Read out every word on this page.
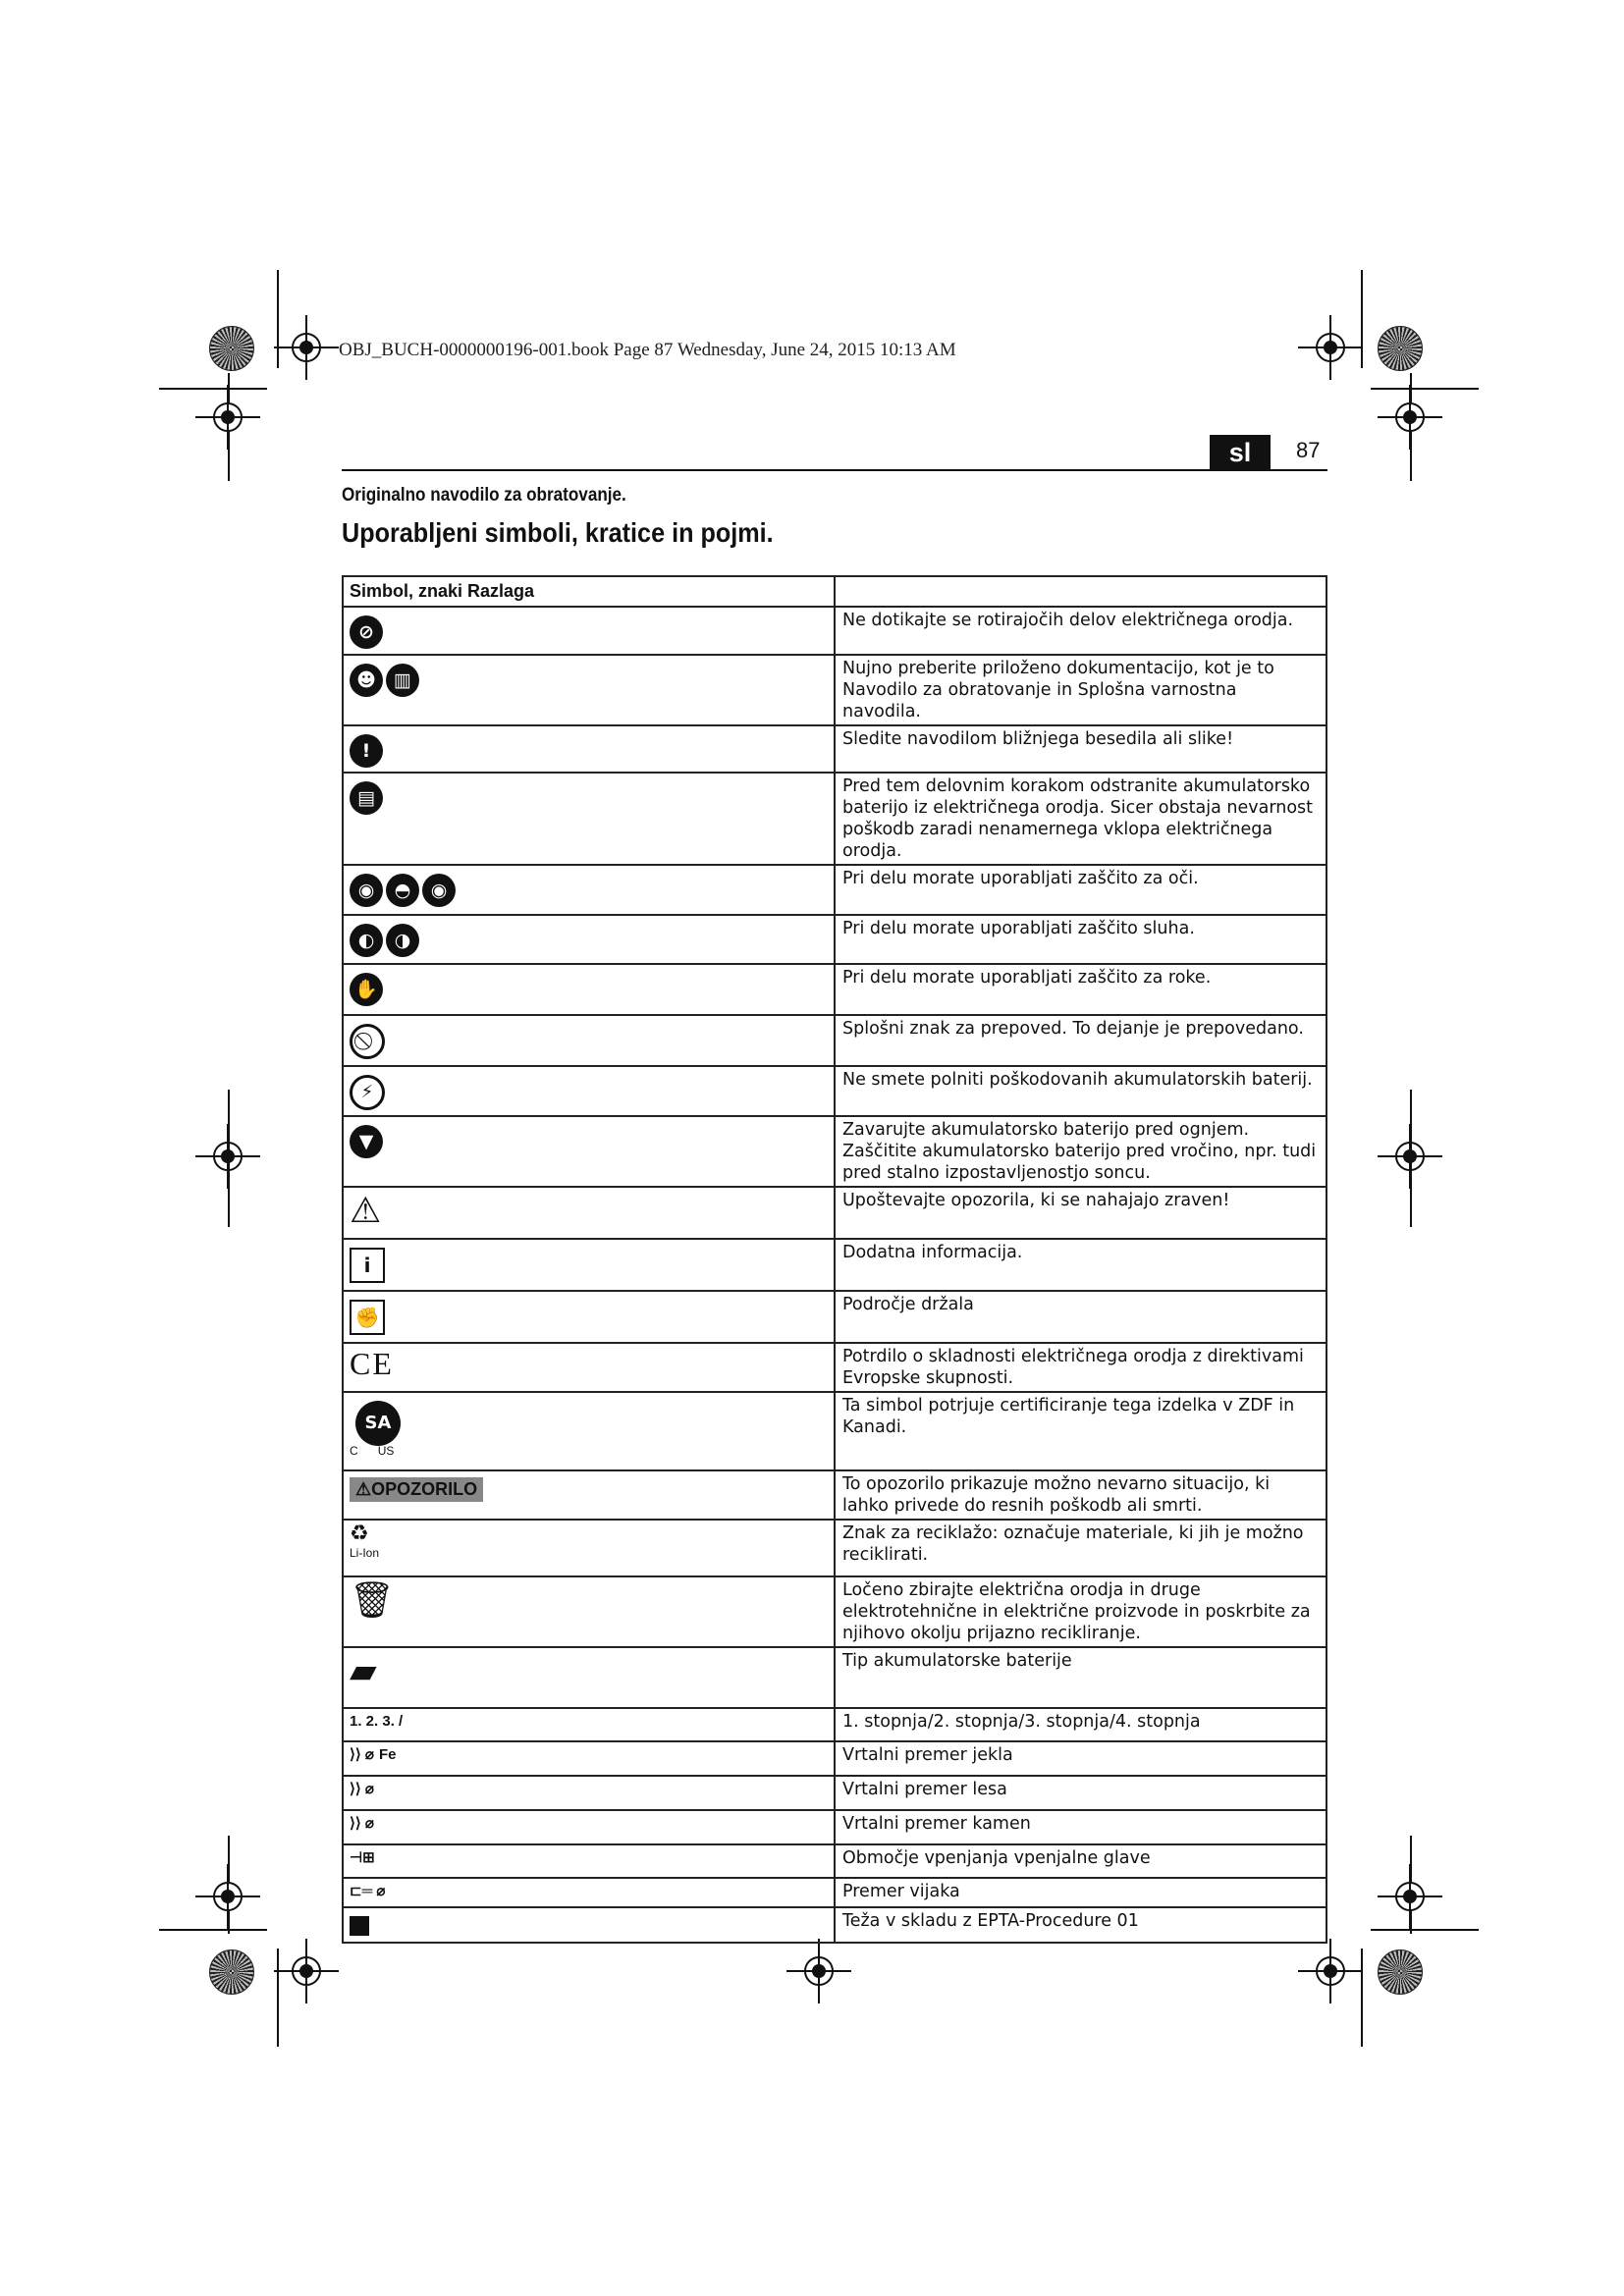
OBJ_BUCH-0000000196-001.book Page 87 Wednesday, June 24, 2015 10:13 AM
sl	87
Originalno navodilo za obratovanje.
Uporabljeni simboli, kratice in pojmi.
Simbol, znaki Razlaga	
⊘	Ne dotikajte se rotirajočih delov električnega orodja.
☻ ▥	Nujno preberite priloženo dokumentacijo, kot je to Navodilo za obratovanje in Splošna varnostna navodila.
!	Sledite navodilom bližnjega besedila ali slike!
▤	Pred tem delovnim korakom odstranite akumulatorsko baterijo iz električnega orodja. Sicer obstaja nevarnost poškodb zaradi nenamernega vklopa električnega orodja.
◉ ◓ ◉	Pri delu morate uporabljati zaščito za oči.
◐ ◑	Pri delu morate uporabljati zaščito sluha.
✋	Pri delu morate uporabljati zaščito za roke.
	Splošni znak za prepoved. To dejanje je prepovedano.
⚡	Ne smete polniti poškodovanih akumulatorskih baterij.
▼	Zavarujte akumulatorsko baterijo pred ognjem. Zaščitite akumulatorsko baterijo pred vročino, npr. tudi pred stalno izpostavljenostjo soncu.
⚠	Upoštevajte opozorila, ki se nahajajo zraven!
i	Dodatna informacija.
✊	Področje držala
CE	Potrdilo o skladnosti električnega orodja z direktivami Evropske skupnosti.
SA
C US	Ta simbol potrjuje certificiranje tega izdelka v ZDF in Kanadi.
⚠OPOZORILO	To opozorilo prikazuje možno nevarno situacijo, ki lahko privede do resnih poškodb ali smrti.

♻
Li-Ion	Znak za reciklažo: označuje materiale, ki jih je možno reciklirati.
🗑	Ločeno zbirajte električna orodja in druge elektrotehnične in električne proizvode in poskrbite za njihovo okolju prijazno recikliranje.
▰	Tip akumulatorske baterije
1. 2. 3. /	1. stopnja/2. stopnja/3. stopnja/4. stopnja
⟩⟩ ⌀ Fe	Vrtalni premer jekla
⟩⟩ ⌀	Vrtalni premer lesa
⟩⟩ ⌀	Vrtalni premer kamen
⊣⊞	Območje vpenjanja vpenjalne glave
⊏═ ⌀	Premer vijaka
	Teža v skladu z EPTA-Procedure 01
